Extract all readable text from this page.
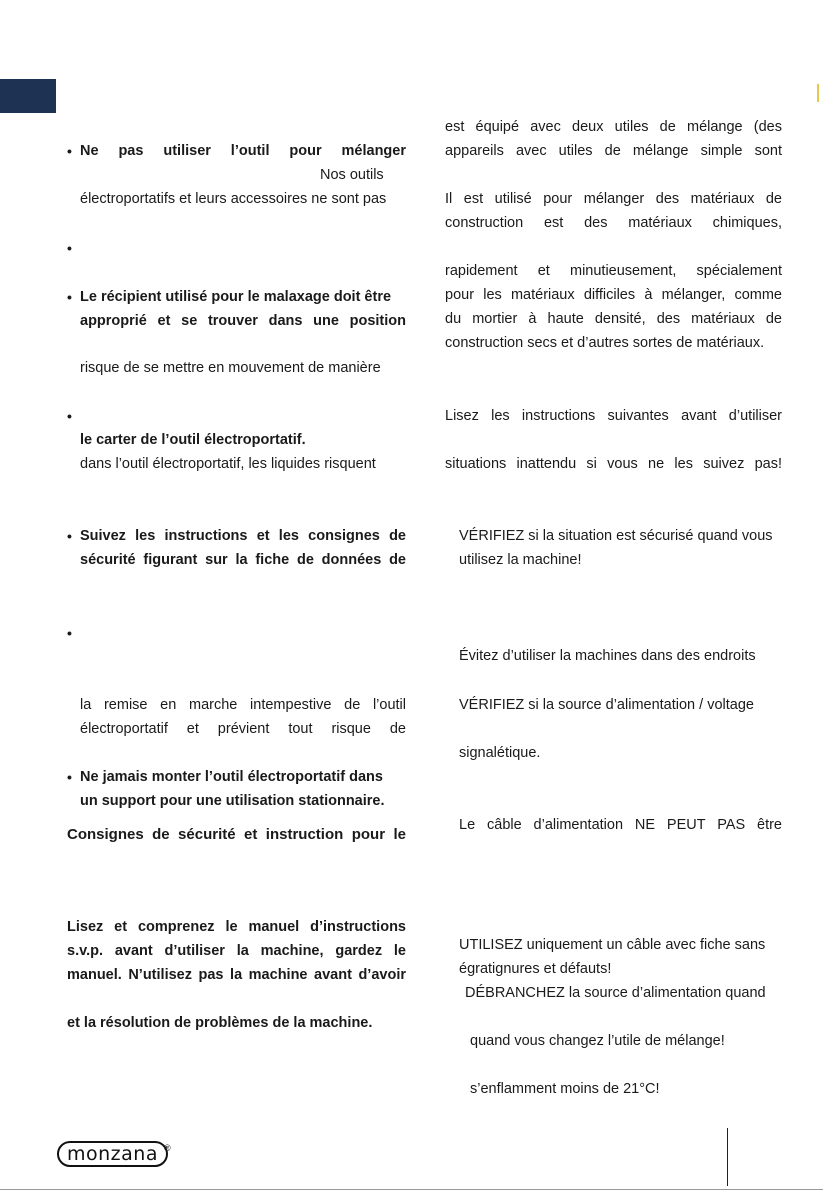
• Ne pas utiliser l’outil pour mélanger
Nos outils
électroportatifs et leurs accessoires ne sont pas
•
• Le récipient utilisé pour le malaxage doit être
approprié et se trouver dans une position
risque de se mettre en mouvement de manière
•
le carter de l’outil électroportatif.
dans l’outil électroportatif, les liquides risquent
• Suivez les instructions et les consignes de
sécurité figurant sur la fiche de données de
•
la remise en marche intempestive de l’outil
électroportatif et prévient tout risque de
• Ne jamais monter l’outil électroportatif dans
un support pour une utilisation stationnaire.
Consignes de sécurité et instruction pour le
Lisez et comprenez le manuel d’instructions
s.v.p. avant d’utiliser la machine, gardez le
manuel. N’utilisez pas la machine avant d’avoir
et la résolution de problèmes de la machine.
est équipé avec deux utiles de mélange (des
appareils avec utiles de mélange simple sont
Il est utilisé pour mélanger des matériaux de
construction est des matériaux chimiques,
rapidement et minutieusement, spécialement
pour les matériaux difficiles à mélanger, comme
du mortier à haute densité, des matériaux de
construction secs et d’autres sortes de matériaux.
Lisez les instructions suivantes avant d’utiliser
situations inattendu si vous ne les suivez pas!
VÉRIFIEZ si la situation est sécurisé quand vous
utilisez la machine!
Évitez d’utiliser la machines dans des endroits
VÉRIFIEZ si la source d’alimentation / voltage
signalétique.
Le câble d’alimentation NE PEUT PAS être
UTILISEZ uniquement un câble avec fiche sans
égratignures et défauts!
DÉBRANCHEZ la source d’alimentation quand
quand vous changez l’utile de mélange!
s’enflamment moins de 21°C!
monzana ®
